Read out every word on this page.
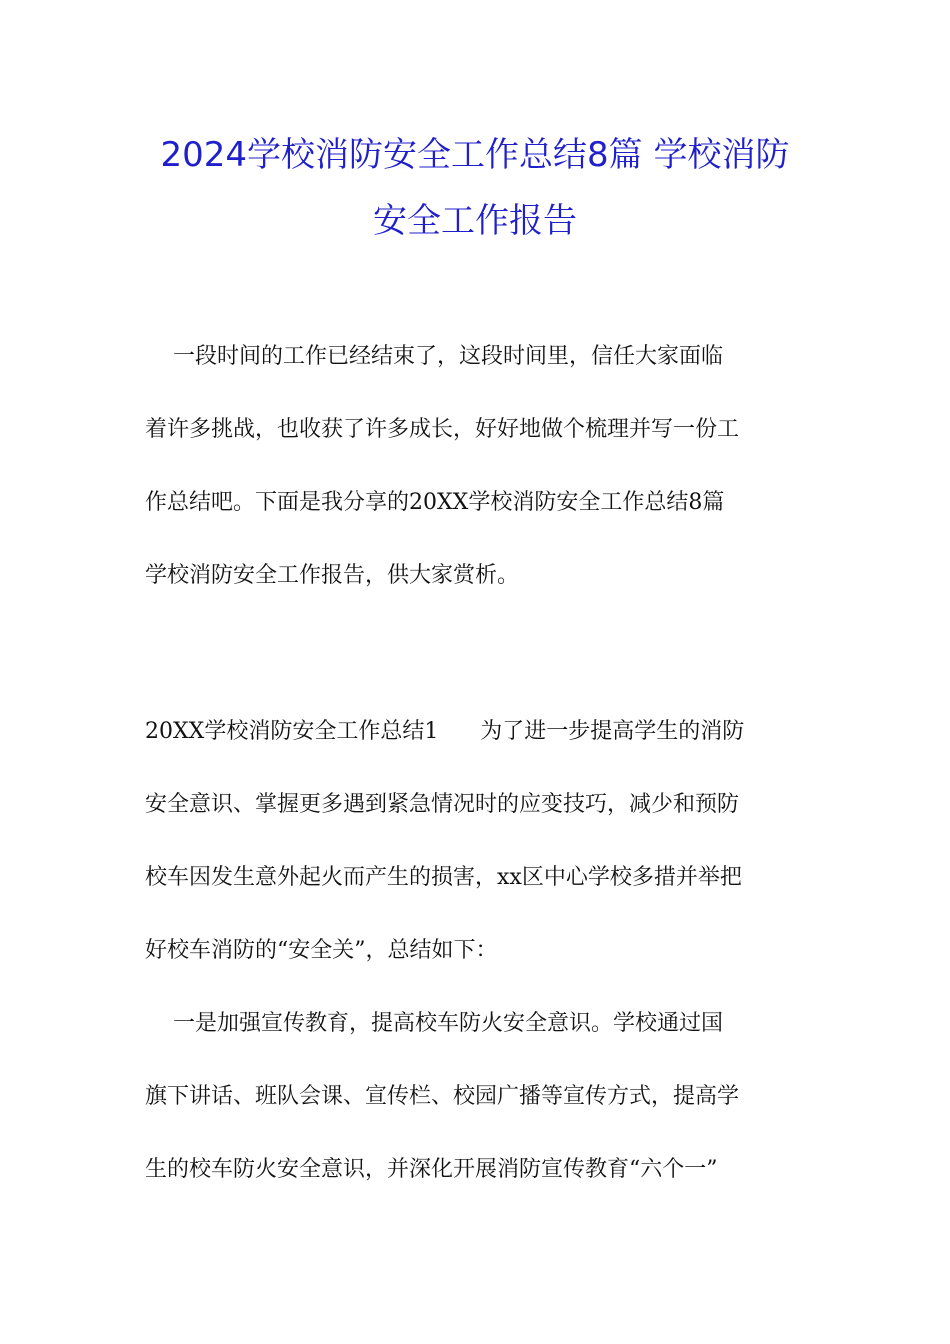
2024学校消防安全工作总结8篇 学校消防
安全工作报告

一段时间的工作已经结束了，这段时间里，信任大家面临
着许多挑战，也收获了许多成长，好好地做个梳理并写一份工
作总结吧。下面是我分享的20XX学校消防安全工作总结8篇
学校消防安全工作报告，供大家赏析。

20XX学校消防安全工作总结1      为了进一步提高学生的消防
安全意识、掌握更多遇到紧急情况时的应变技巧，减少和预防
校车因发生意外起火而产生的损害，xx区中心学校多措并举把
好校车消防的“安全关”，总结如下：
一是加强宣传教育，提高校车防火安全意识。学校通过国
旗下讲话、班队会课、宣传栏、校园广播等宣传方式，提高学
生的校车防火安全意识，并深化开展消防宣传教育“六个一”
